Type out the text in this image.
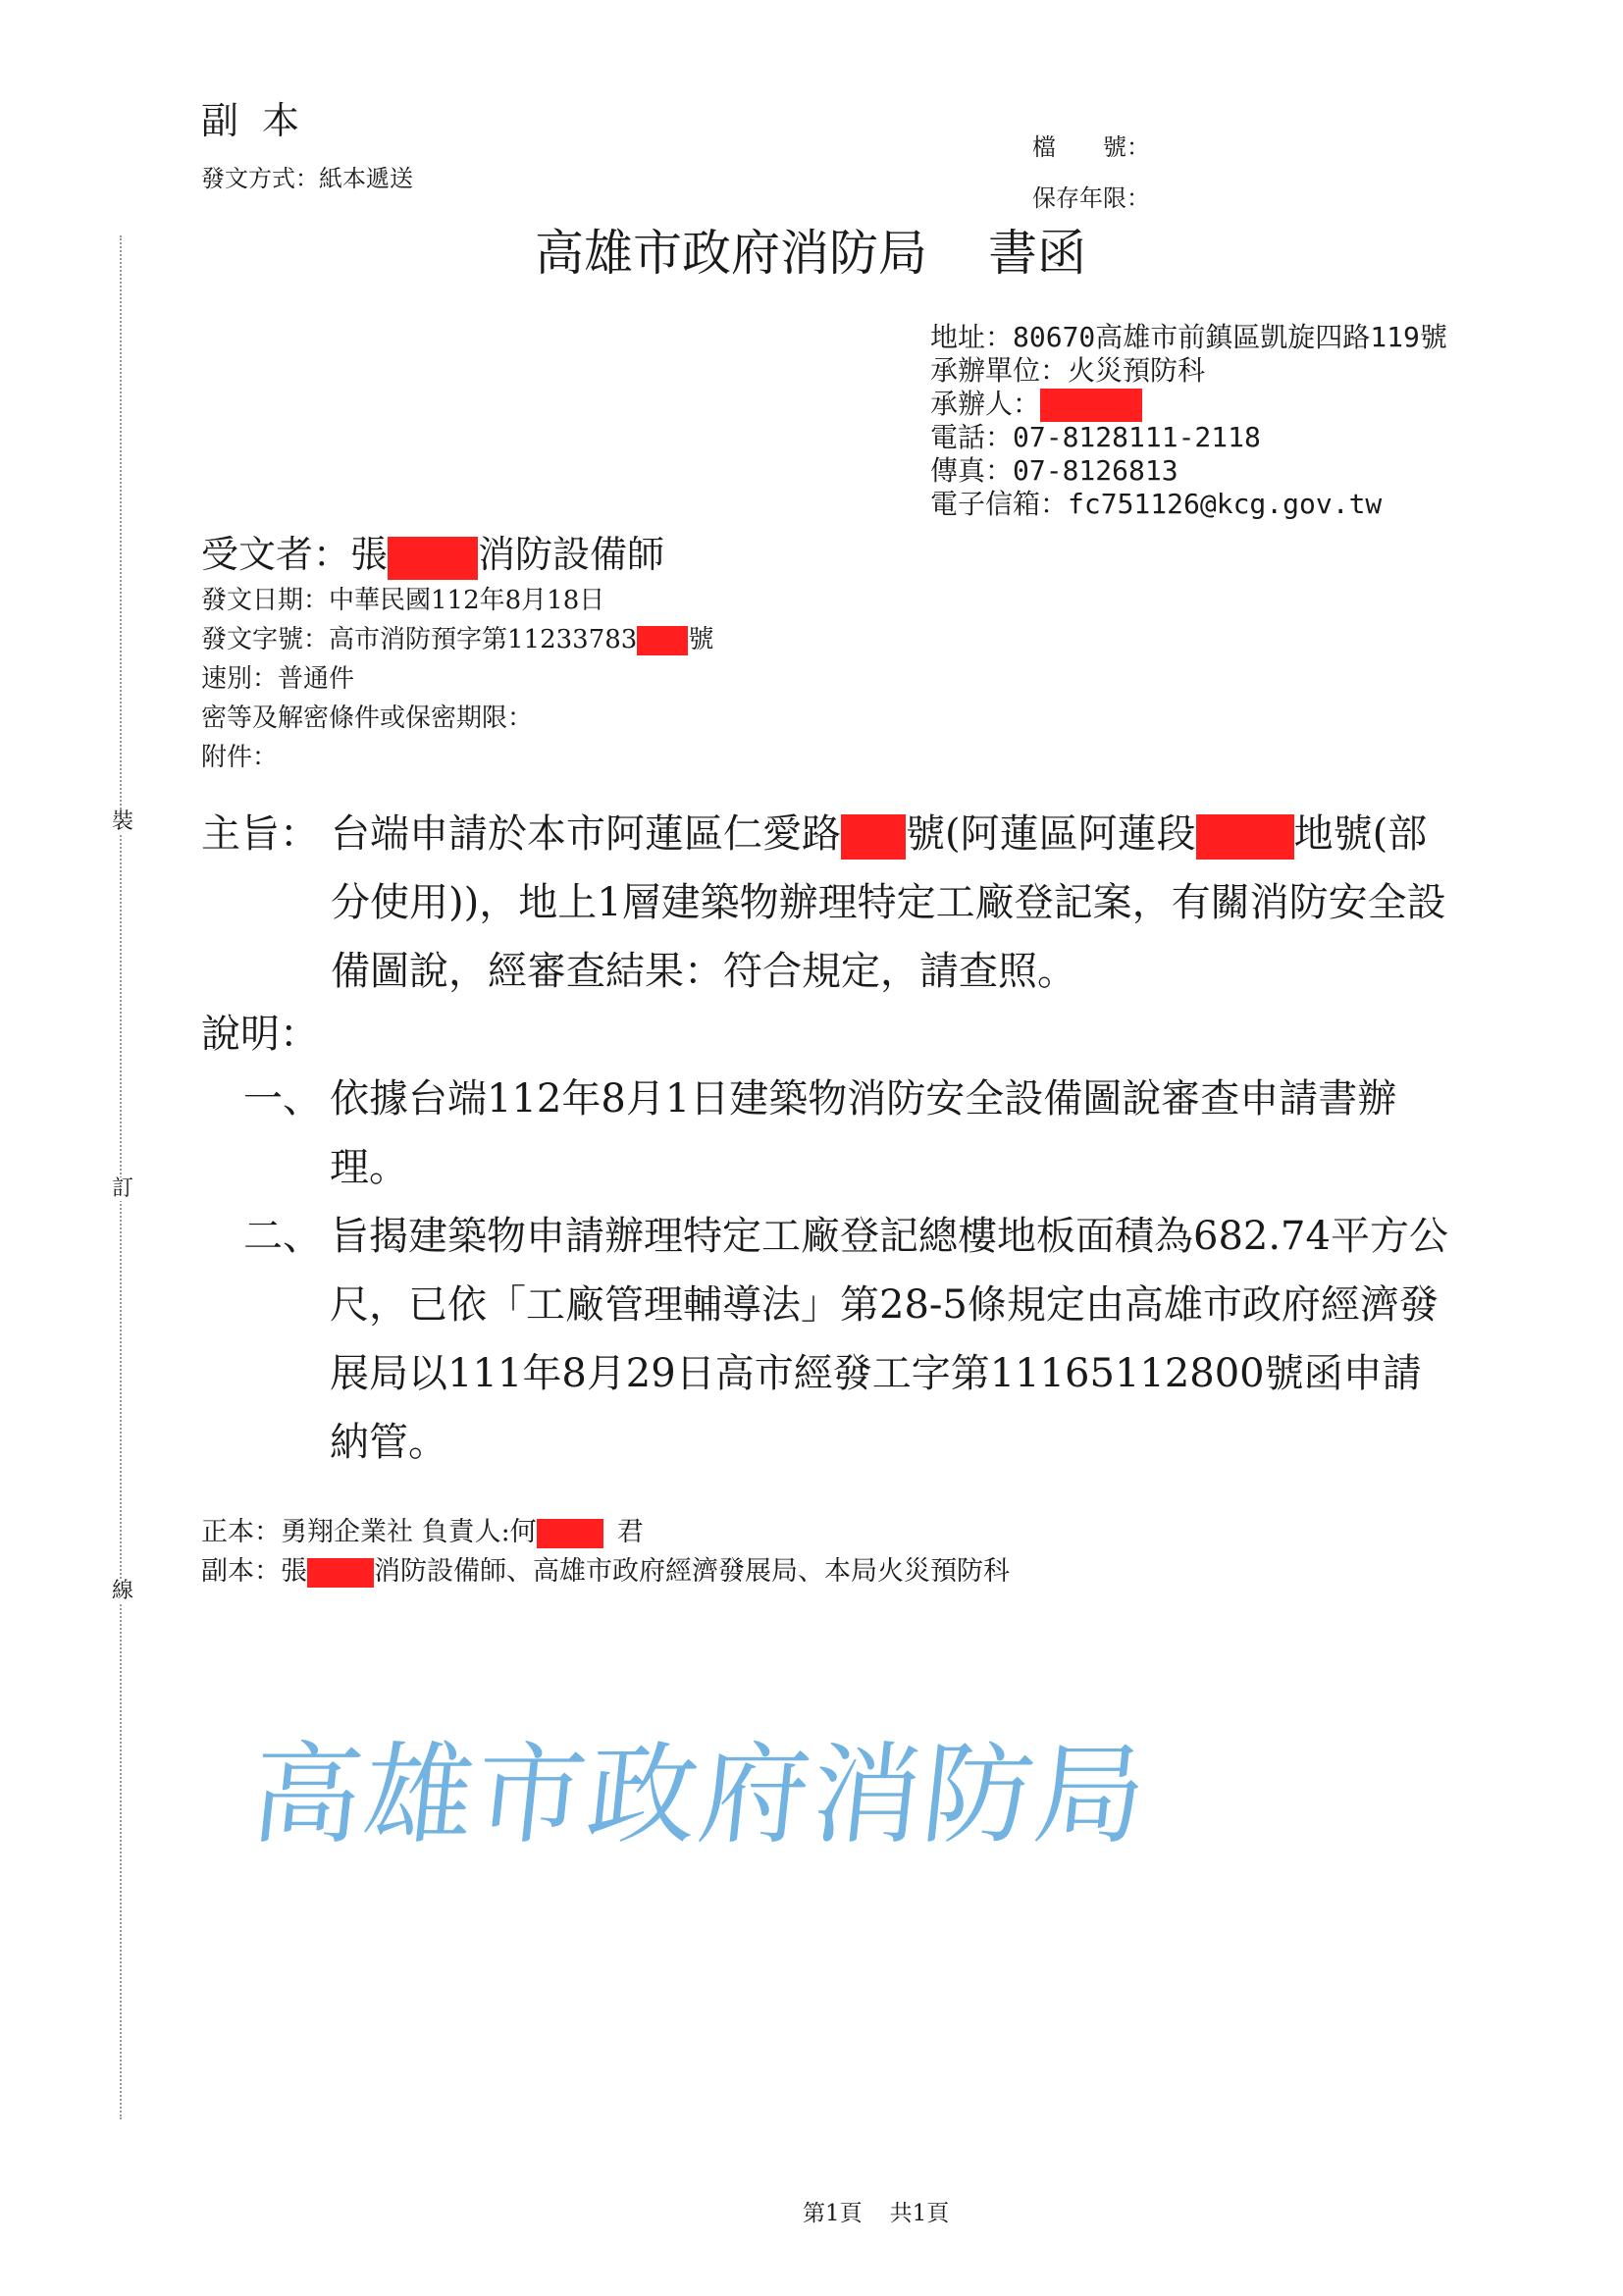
裝
訂
線
副本
發文方式：紙本遞送
檔　　號：
保存年限：
高雄市政府消防局 書函
地址：80670高雄市前鎮區凱旋四路119號
承辦單位：火災預防科
承辦人：
電話：07-8128111-2118
傳真：07-8126813
電子信箱：fc751126@kcg.gov.tw
受文者：張 消防設備師
發文日期：中華民國112年8月18日
發文字號：高市消防預字第11233783 號
速別：普通件
密等及解密條件或保密期限：
附件：
主旨： 台端申請於本市阿蓮區仁愛路 號(阿蓮區阿蓮段	地號(部分使用))，地上1層建築物辦理特定工廠登記案，有關消防安全設備圖說，經審查結果：符合規定，請查照。
說明：
一、 依據台端112年8月1日建築物消防安全設備圖說審查申請書辦理。
二、 旨揭建築物申請辦理特定工廠登記總樓地板面積為682.74平方公尺，已依「工廠管理輔導法」第28-5條規定由高雄市政府經濟發展局以111年8月29日高市經發工字第11165112800號函申請納管。
正本：勇翔企業社 負責人:何	君
副本：張	消防設備師、高雄市政府經濟發展局、本局火災預防科
高雄市政府消防局
第1頁 共1頁
